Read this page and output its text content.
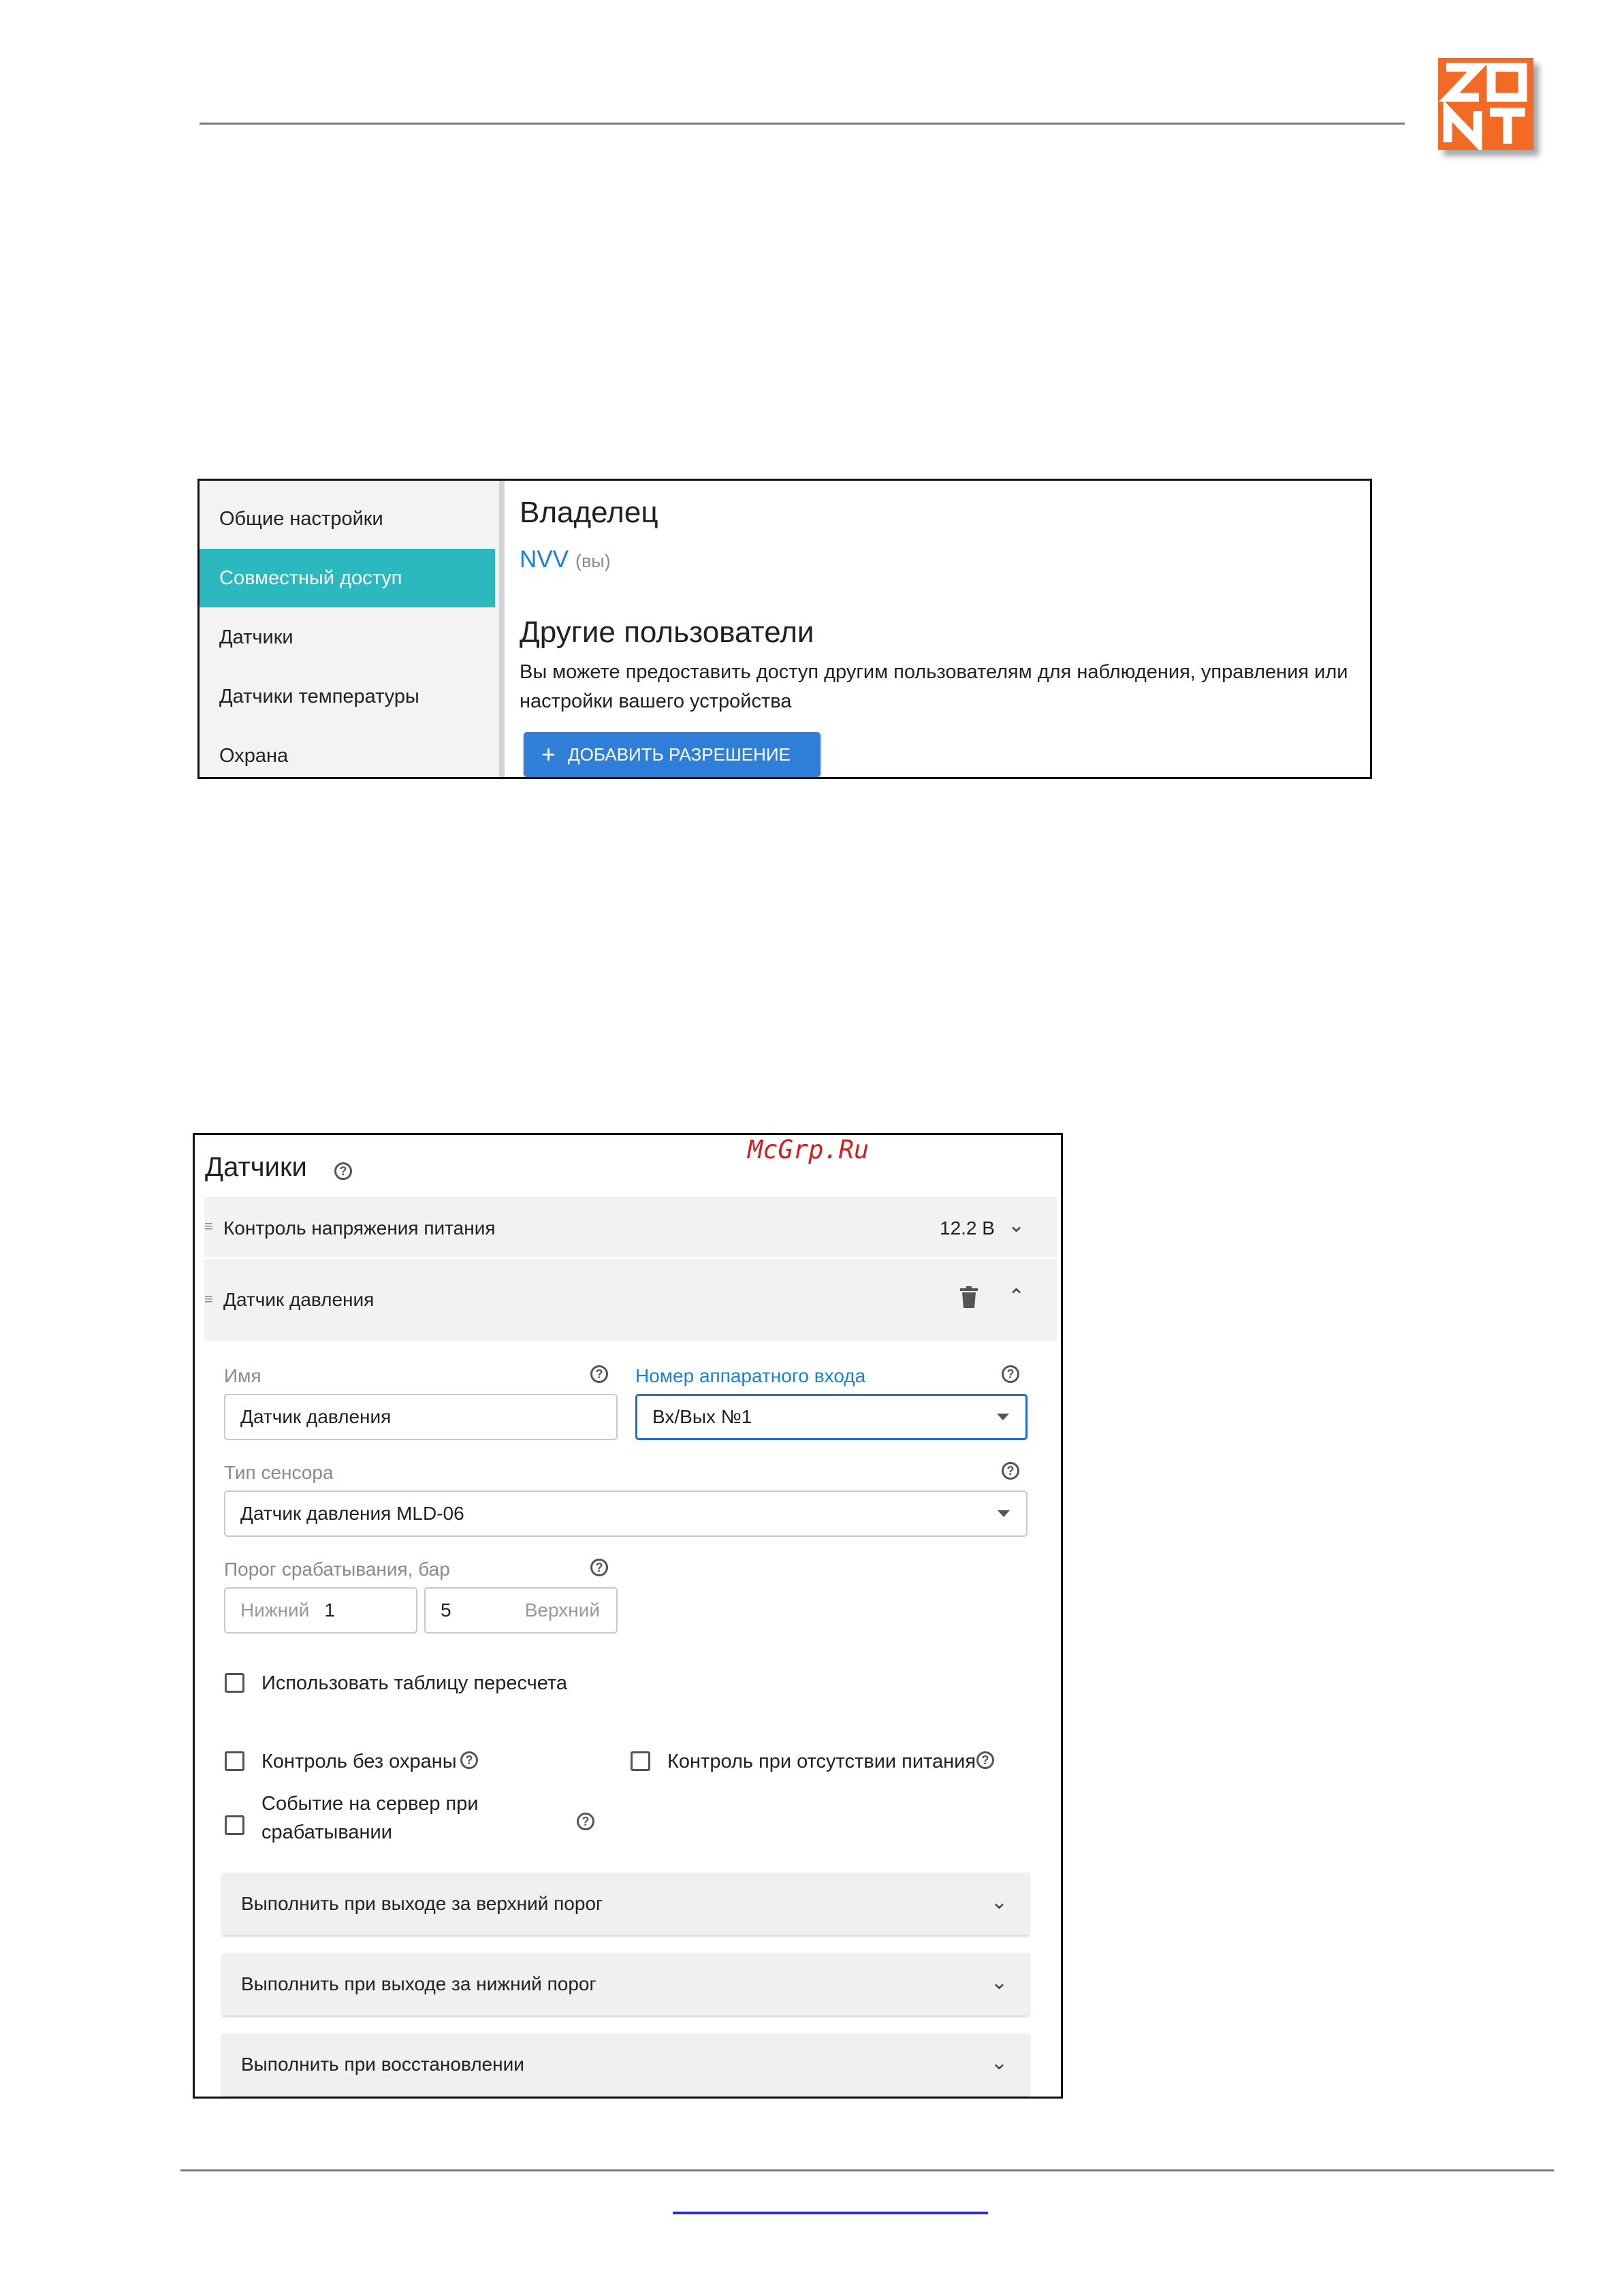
Общие настройки
Совместный доступ
Датчики
Датчики температуры
Охрана
Владелец
NVV (вы)
Другие пользователи
Вы можете предоставить доступ другим пользователям для наблюдения, управления или
настройки вашего устройства
+ ДОБАВИТЬ РАЗРЕШЕНИЕ
Датчики	?
McGrp.Ru
≡ Контроль напряжения питания	12.2 В ⌄
≡ Датчик давления	⌃
Имя	?
Датчик давления
Номер аппаратного входа	?
Вх/Вых №1
Тип сенсора	?
Датчик давления MLD-06
Порог срабатывания, бар	?
Нижний 1	5	Верхний
Использовать таблицу пересчета
Контроль без охраны ?	Контроль при отсутствии питания ?
Событие на сервер при
срабатывании	?
Выполнить при выходе за верхний порог	⌄
Выполнить при выходе за нижний порог	⌄
Выполнить при восстановлении	⌄
